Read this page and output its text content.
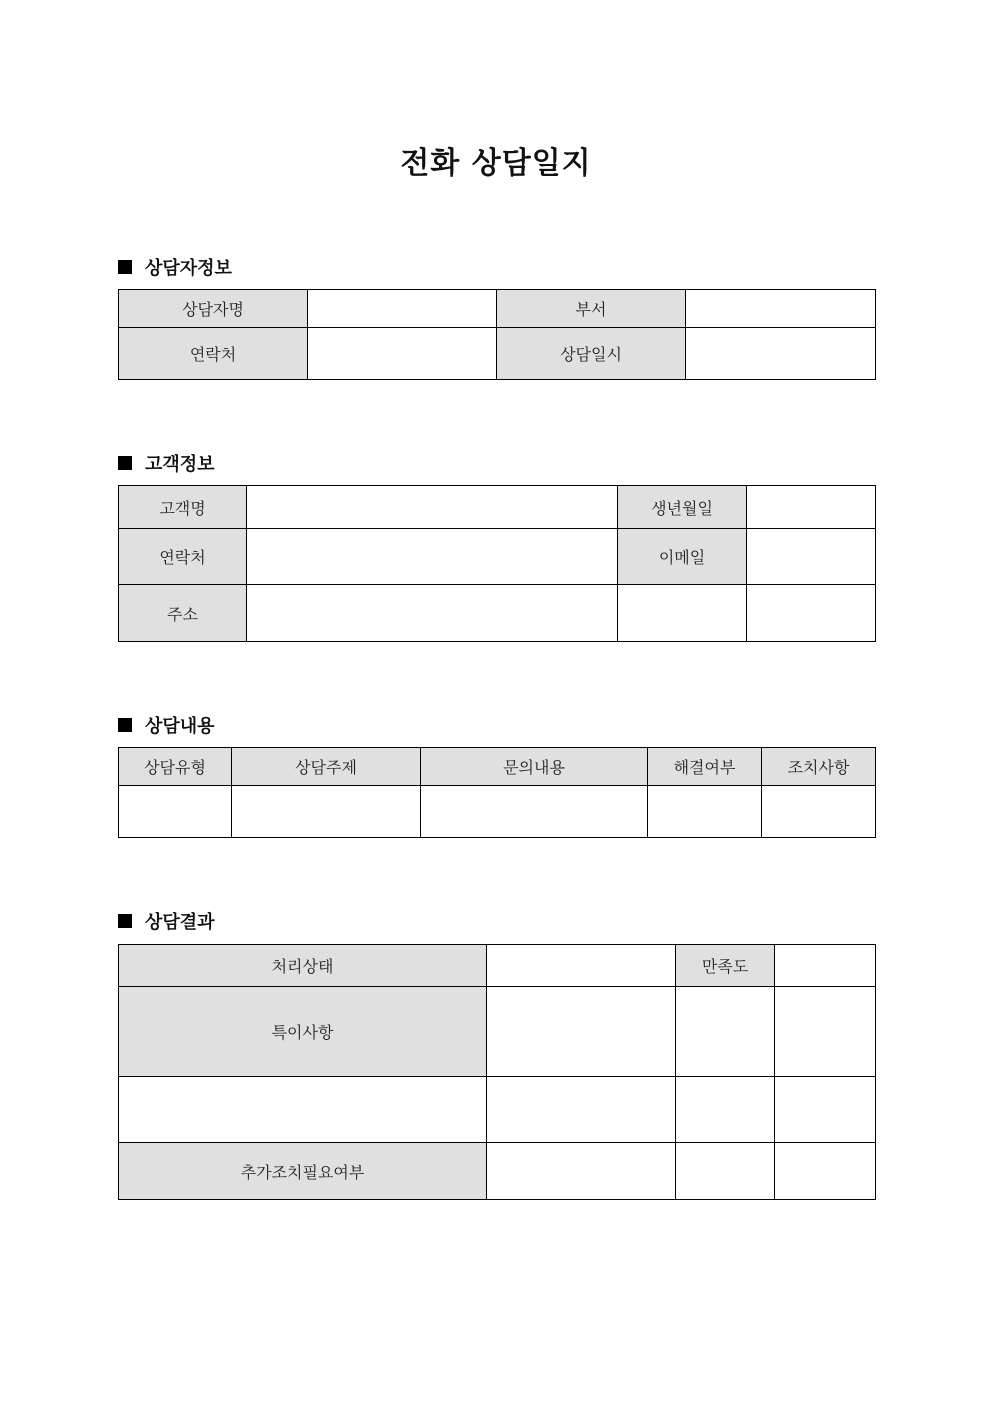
전화 상담일지
상담자정보
상담자명		부서	
연락처		상담일시	
고객정보
고객명		생년월일	
연락처		이메일	
주소			
상담내용
상담유형	상담주제	문의내용	해결여부	조치사항

상담결과
처리상태		만족도	
특이사항			

추가조치필요여부			
